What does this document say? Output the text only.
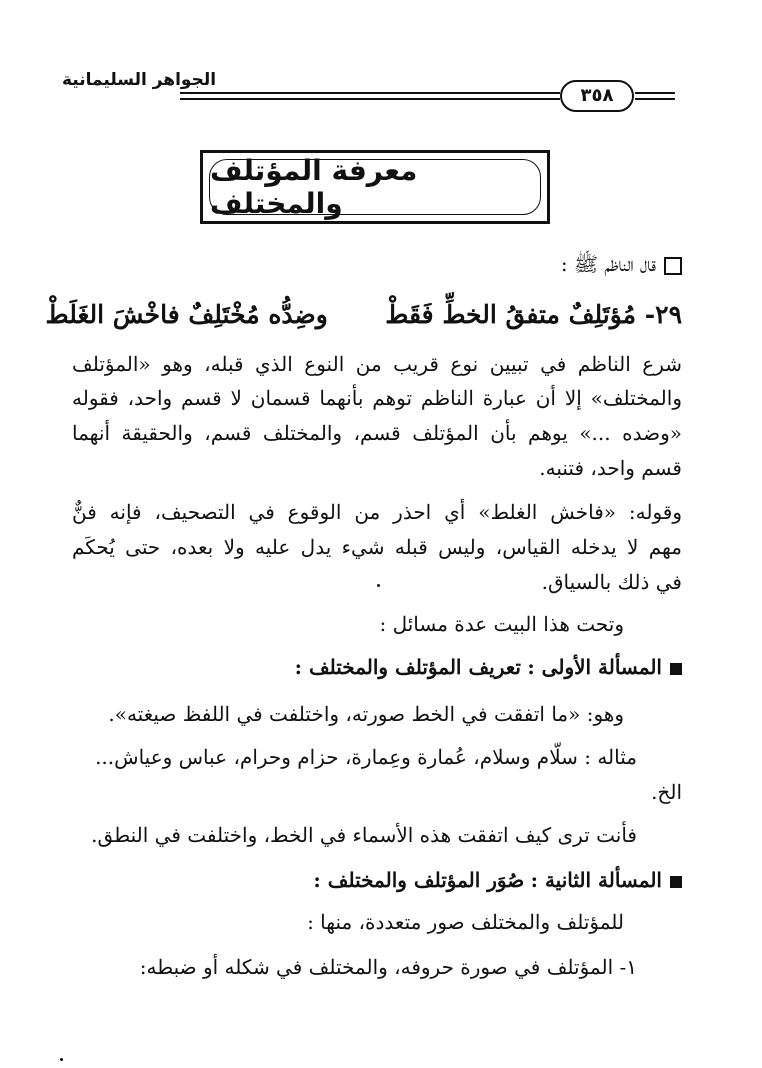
الجواهر السليمانية
٣٥٨
معرفة المؤتلف والمختلف
قال الناظم ﷺ :
٢٩- مُؤتَلِفٌ متفقُ الخطِّ فَقَطْ  وضِدُّه مُخْتَلِفٌ فاخْشَ الغَلَطْ
شرع الناظم في تبيين نوع قريب من النوع الذي قبله، وهو «المؤتلف
والمختلف» إلا أن عبارة الناظم توهم بأنهما قسمان لا قسم واحد، فقوله
«وضده ...» يوهم بأن المؤتلف قسم، والمختلف قسم، والحقيقة أنهما
قسم واحد، فتنبه.
وقوله: «فاخش الغلط» أي احذر من الوقوع في التصحيف، فإنه فنٌّ
مهم لا يدخله القياس، وليس قبله شيء يدل عليه ولا بعده، حتى يُحكَم
في ذلك بالسياق.
وتحت هذا البيت عدة مسائل :
المسألة الأولى : تعريف المؤتلف والمختلف :
وهو: «ما اتفقت في الخط صورته، واختلفت في اللفظ صيغته».
مثاله : سلّام وسلام، عُمارة وعِمارة، حزام وحرام، عباس وعياش...
الخ.
فأنت ترى كيف اتفقت هذه الأسماء في الخط، واختلفت في النطق.
المسألة الثانية : صُوَر المؤتلف والمختلف :
للمؤتلف والمختلف صور متعددة، منها :
١- المؤتلف في صورة حروفه، والمختلف في شكله أو ضبطه:
